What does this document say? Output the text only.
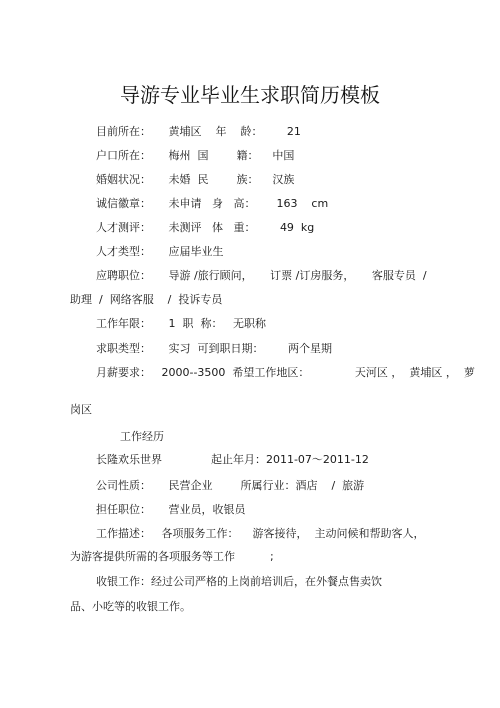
导游专业毕业生求职简历模板
目前所在：     黄埔区    年    龄：       21
户口所在：     梅州  国        籍：    中国
婚姻状况：     未婚  民        族：    汉族
诚信徽章：     未申请   身   高：      163    cm
人才测评：     未测评   体   重：       49  kg
人才类型：     应届毕业生
应聘职位：     导游 /旅行顾问，     订票 /订房服务，     客服专员  /
助理  /  网络客服    /  投诉专员
工作年限：     1  职  称：   无职称
求职类型：     实习  可到职日期：       两个星期
月薪要求：   2000--3500  希望工作地区：             天河区 ，  黄埔区 ，  萝
岗区
工作经历
长隆欢乐世界              起止年月：2011-07～2011-12
公司性质：     民营企业        所属行业：酒店    /  旅游
担任职位：     营业员，收银员
工作描述：   各项服务工作：    游客接待，  主动问候和帮助客人，
为游客提供所需的各项服务等工作          ;
收银工作：经过公司严格的上岗前培训后，在外餐点售卖饮
品、小吃等的收银工作。
